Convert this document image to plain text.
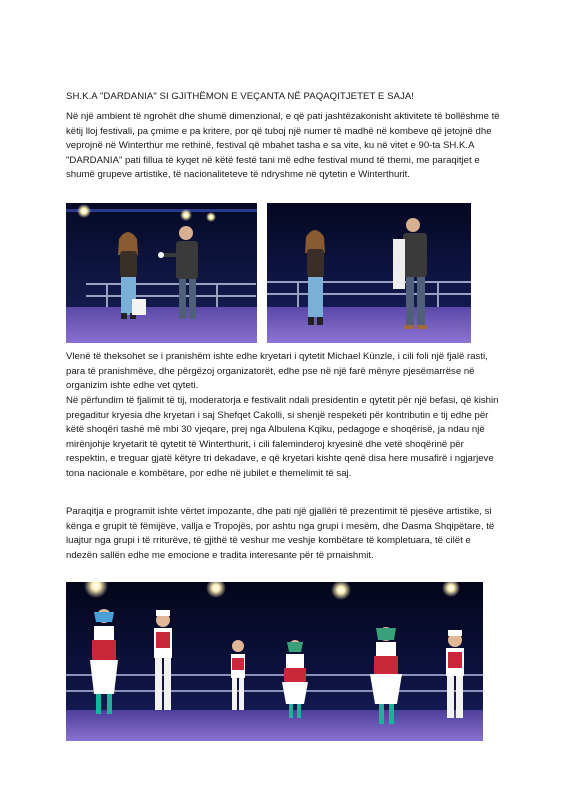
SH.K.A "DARDANIA" SI GJITHËMON E VEÇANTA NË PAQAQITJETET E SAJA!

Në një ambient të ngrohët dhe shumë dimenzional, e që pati jashtëzakonisht aktivitete të bollëshme të këtij lloj festivali, pa çmime e pa kritere, por që tuboj një numer të madhë në kombeve që jetojnë dhe veprojnë në Winterthur me rethinë, festival që mbahet tasha e sa vite, ku në vitet e 90-ta SH.K.A "DARDANIA" pati fillua të kyqet në këtë festë tani më edhe festival mund të themi, me paraqitjet e shumë grupeve artistike, të nacionaliteteve të ndryshme në qytetin e Winterthurit.

Vlenë të theksohet se i pranishëm ishte edhe kryetari i qytetit Michael Künzle, i cili foli një fjalë rasti, para të pranishmëve, dhe përgëzoj organizatorët, edhe pse në një farë mënyre pjesëmarrëse në organizim ishte edhe vet qyteti.

Në përfundim të fjalimit të tij, moderatorja e festivalit ndali presidentin e qytetit për një befasi, që kishin pregaditur kryesia dhe kryetari i saj Shefqet Cakolli, si shenjë respeketi për kontributin e tij edhe për këtë shoqëri tashë më mbi 30 vjeqare, prej nga Albulena Kqiku, pedagoge e shoqërisë, ja ndau një mirënjohje kryetarit të qytetit të Winterthurit, i cili faleminderoj kryesinë dhe vetë shoqërinë për respektin, e treguar gjatë këtyre tri dekadave, e që kryetari kishte qenë disa here musafirë i ngjarjeve tona nacionale e kombëtare, por edhe në jubilet e themelimit të saj.

Paraqitja e programit ishte vërtet impozante, dhe pati një gjallëri të prezentimit të pjesëve artistike, si kënga e grupit të fëmijëve, vallja e Tropojës, por ashtu nga grupi i mesëm, dhe Dasma Shqipëtare, të luajtur nga grupi i të rriturëve, të gjithë të veshur me veshje kombëtare të kompletuara, të cilët e ndezën sallën edhe me emocione e tradita interesante për të prnaishmit.
